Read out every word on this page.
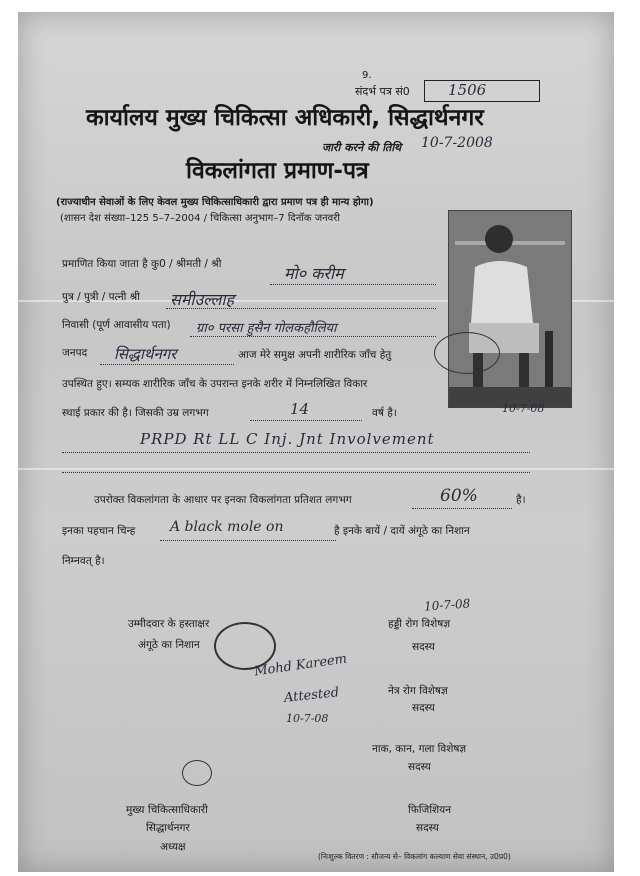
9.
संदर्भ पत्र सं0	1506
कार्यालय मुख्य चिकित्सा अधिकारी, सिद्धार्थनगर
जारी करने की तिथि 10-7-2008
विकलांगता प्रमाण-पत्र
(राज्याधीन सेवाओं के लिए केवल मुख्य चिकित्साधिकारी द्वारा प्रमाण पत्र ही मान्य होगा)
(शासन देश संख्या–125 5–7–2004 / चिकित्सा अनुभाग–7 दिनॉक जनवरी
प्रमाणित किया जाता है कु0 / श्रीमती / श्री	मो० करीम
पुत्र / पुत्री / पत्नी श्री समीउल्लाह
निवासी (पूर्ण आवासीय पता) ग्रा० परसा हुसैन गोलकहौलिया
जनपद सिद्धार्थनगर	आज मेरे समुक्ष अपनी शारीरिक जाँच हेतु
उपस्थित हुए। सम्यक शारीरिक जाँच के उपरान्त इनके शरीर में निम्नलिखित विकार
स्थाई प्रकार की है। जिसकी उम्र लगभग	14	वर्ष है।	10-7-08
PRPD Rt LL C Inj. Jnt Involvement
उपरोक्त विकलांगता के आधार पर इनका विकलांगता प्रतिशत लगभग	60%	है।
इनका पहचान चिन्ह A black mole on	है इनके बायें / दायें अंगूठे का निशान
निम्नवत् है।
उम्मीदवार के हस्ताक्षर
अंगूठे का निशान
Mohd Kareem
Attested
10-7-08
10-7-08
हड्डी रोग विशेषज्ञ
सदस्य
नेत्र रोग विशेषज्ञ
सदस्य
नाक, कान, गला विशेषज्ञ
सदस्य
मुख्य चिकित्साधिकारी
सिद्धार्थनगर
अध्यक्ष
फिजिशियन
सदस्य
(निःशुल्क वितरण : सौजन्य से– विकलांग कल्याण सेवा संस्थान, उ0प्र0)
